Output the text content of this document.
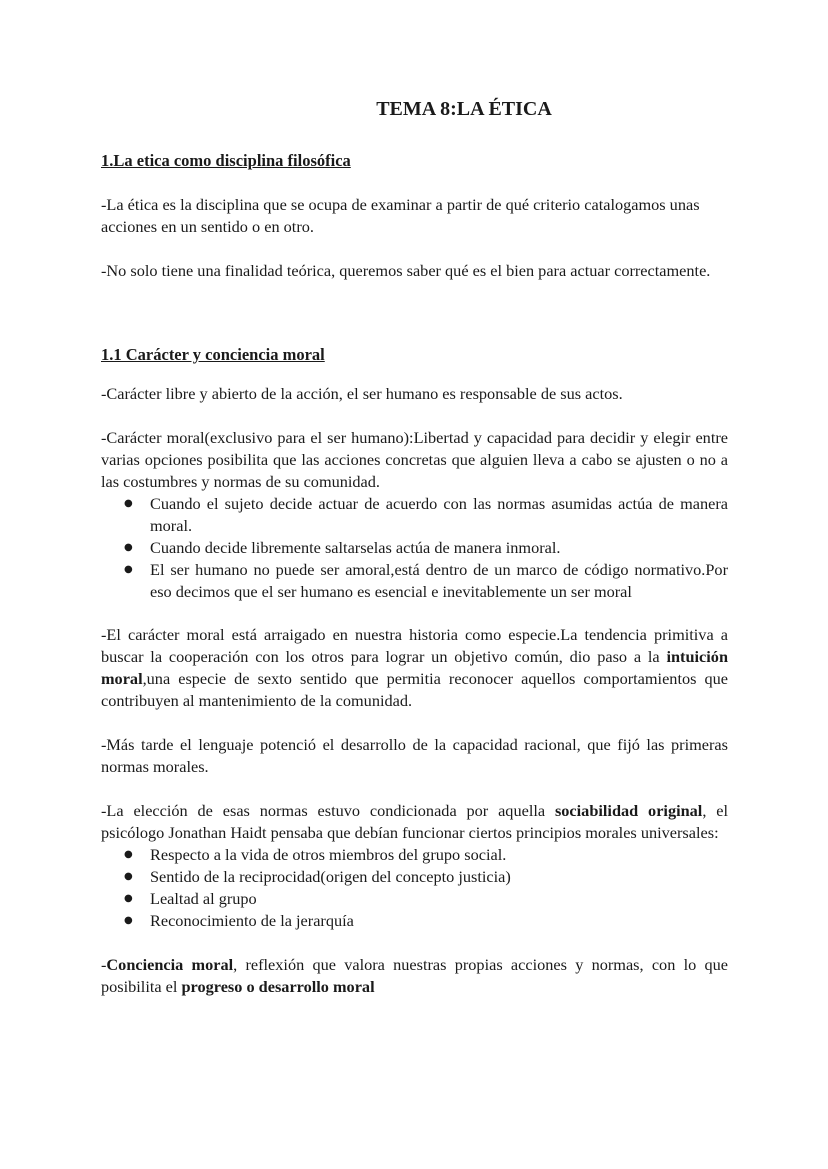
TEMA 8:LA ÉTICA

1.La etica como disciplina filosófica

-La ética es la disciplina que se ocupa de examinar a partir de qué criterio catalogamos unas acciones en un sentido o en otro.

-No solo tiene una finalidad teórica, queremos saber qué es el bien para actuar correctamente.

1.1 Carácter y conciencia moral

-Carácter libre y abierto de la acción, el ser humano es responsable de sus actos.

-Carácter moral(exclusivo para el ser humano):Libertad y capacidad para decidir y elegir entre varias opciones posibilita que las acciones concretas que alguien lleva a cabo se ajusten o no a las costumbres y normas de su comunidad.

● Cuando el sujeto decide actuar de acuerdo con las normas asumidas actúa de manera moral.
● Cuando decide libremente saltarselas actúa de manera inmoral.
● El ser humano no puede ser amoral,está dentro de un marco de código normativo.Por eso decimos que el ser humano es esencial e inevitablemente un ser moral

-El carácter moral está arraigado en nuestra historia como especie.La tendencia primitiva a buscar la cooperación con los otros para lograr un objetivo común, dio paso a la intuición moral,una especie de sexto sentido que permitia reconocer aquellos comportamientos que contribuyen al mantenimiento de la comunidad.

-Más tarde el lenguaje potenció el desarrollo de la capacidad racional, que fijó las primeras normas morales.

-La elección de esas normas estuvo condicionada por aquella sociabilidad original, el psicólogo Jonathan Haidt pensaba que debían funcionar ciertos principios morales universales:

● Respecto a la vida de otros miembros del grupo social.
● Sentido de la reciprocidad(origen del concepto justicia)
● Lealtad al grupo
● Reconocimiento de la jerarquía

-Conciencia moral, reflexión que valora nuestras propias acciones y normas, con lo que posibilita el progreso o desarrollo moral
